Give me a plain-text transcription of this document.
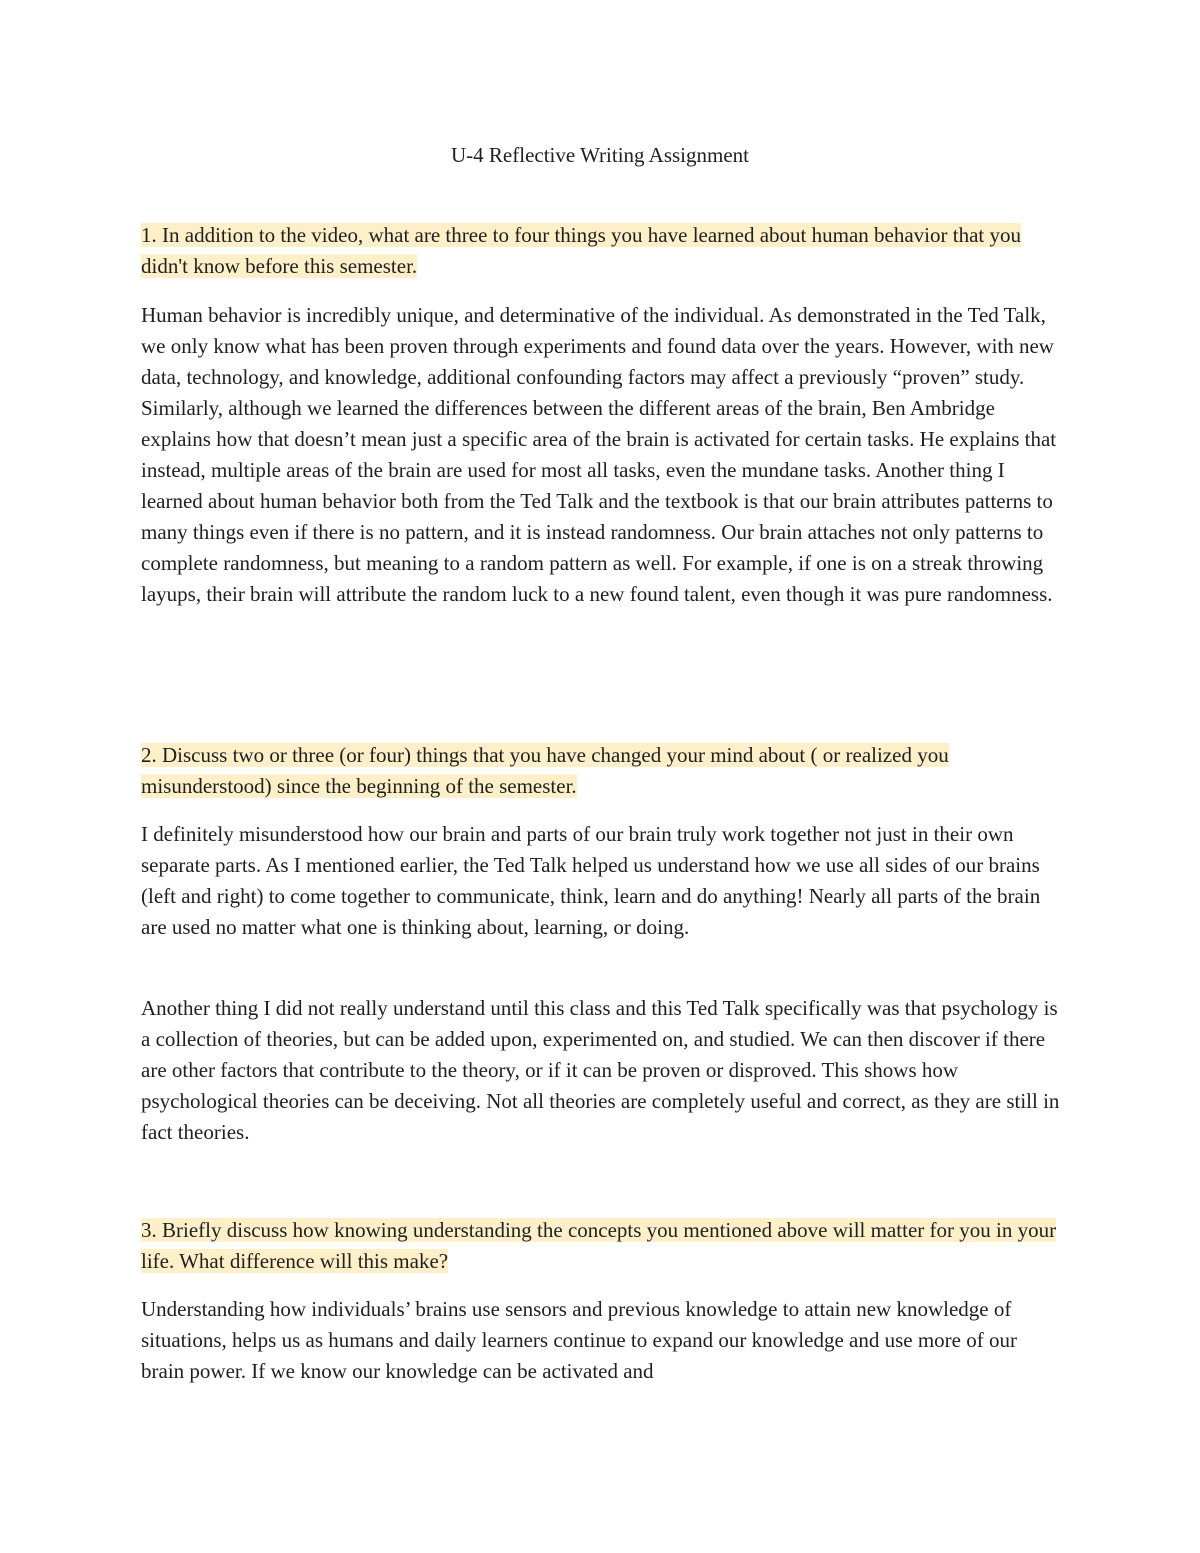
U-4 Reflective Writing Assignment

1. In addition to the video, what are three to four things you have learned about human behavior that you didn't know before this semester.

Human behavior is incredibly unique, and determinative of the individual. As demonstrated in the Ted Talk, we only know what has been proven through experiments and found data over the years. However, with new data, technology, and knowledge, additional confounding factors may affect a previously “proven” study. Similarly, although we learned the differences between the different areas of the brain, Ben Ambridge explains how that doesn’t mean just a specific area of the brain is activated for certain tasks. He explains that instead, multiple areas of the brain are used for most all tasks, even the mundane tasks. Another thing I learned about human behavior both from the Ted Talk and the textbook is that our brain attributes patterns to many things even if there is no pattern, and it is instead randomness. Our brain attaches not only patterns to complete randomness, but meaning to a random pattern as well. For example, if one is on a streak throwing layups, their brain will attribute the random luck to a new found talent, even though it was pure randomness.

2. Discuss two or three (or four) things that you have changed your mind about ( or realized you misunderstood) since the beginning of the semester.

I definitely misunderstood how our brain and parts of our brain truly work together not just in their own separate parts. As I mentioned earlier, the Ted Talk helped us understand how we use all sides of our brains (left and right) to come together to communicate, think, learn and do anything! Nearly all parts of the brain are used no matter what one is thinking about, learning, or doing.

Another thing I did not really understand until this class and this Ted Talk specifically was that psychology is a collection of theories, but can be added upon, experimented on, and studied. We can then discover if there are other factors that contribute to the theory, or if it can be proven or disproved. This shows how psychological theories can be deceiving. Not all theories are completely useful and correct, as they are still in fact theories.

3. Briefly discuss how knowing understanding the concepts you mentioned above will matter for you in your life. What difference will this make?

Understanding how individuals’ brains use sensors and previous knowledge to attain new knowledge of situations, helps us as humans and daily learners continue to expand our knowledge and use more of our brain power. If we know our knowledge can be activated and
